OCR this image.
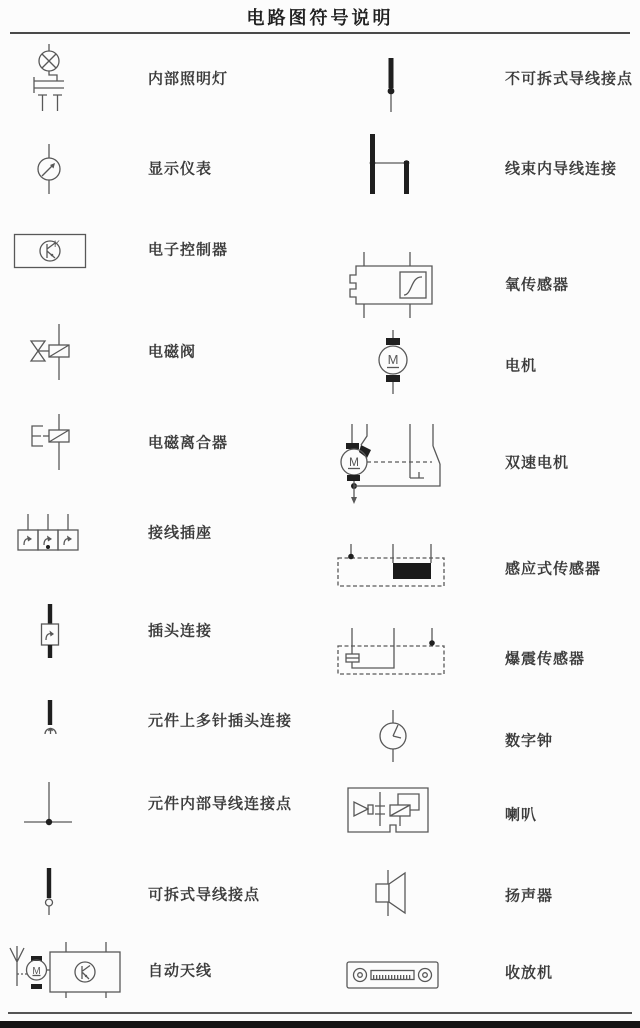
电路图符号说明
K
M
M
M
内部照明灯
显示仪表
电子控制器
电磁阀
电磁离合器
接线插座
插头连接
元件上多针插头连接
元件内部导线连接点
可拆式导线接点
自动天线
不可拆式导线接点
线束内导线连接
氧传感器
电机
双速电机
感应式传感器
爆震传感器
数字钟
喇叭
扬声器
收放机
